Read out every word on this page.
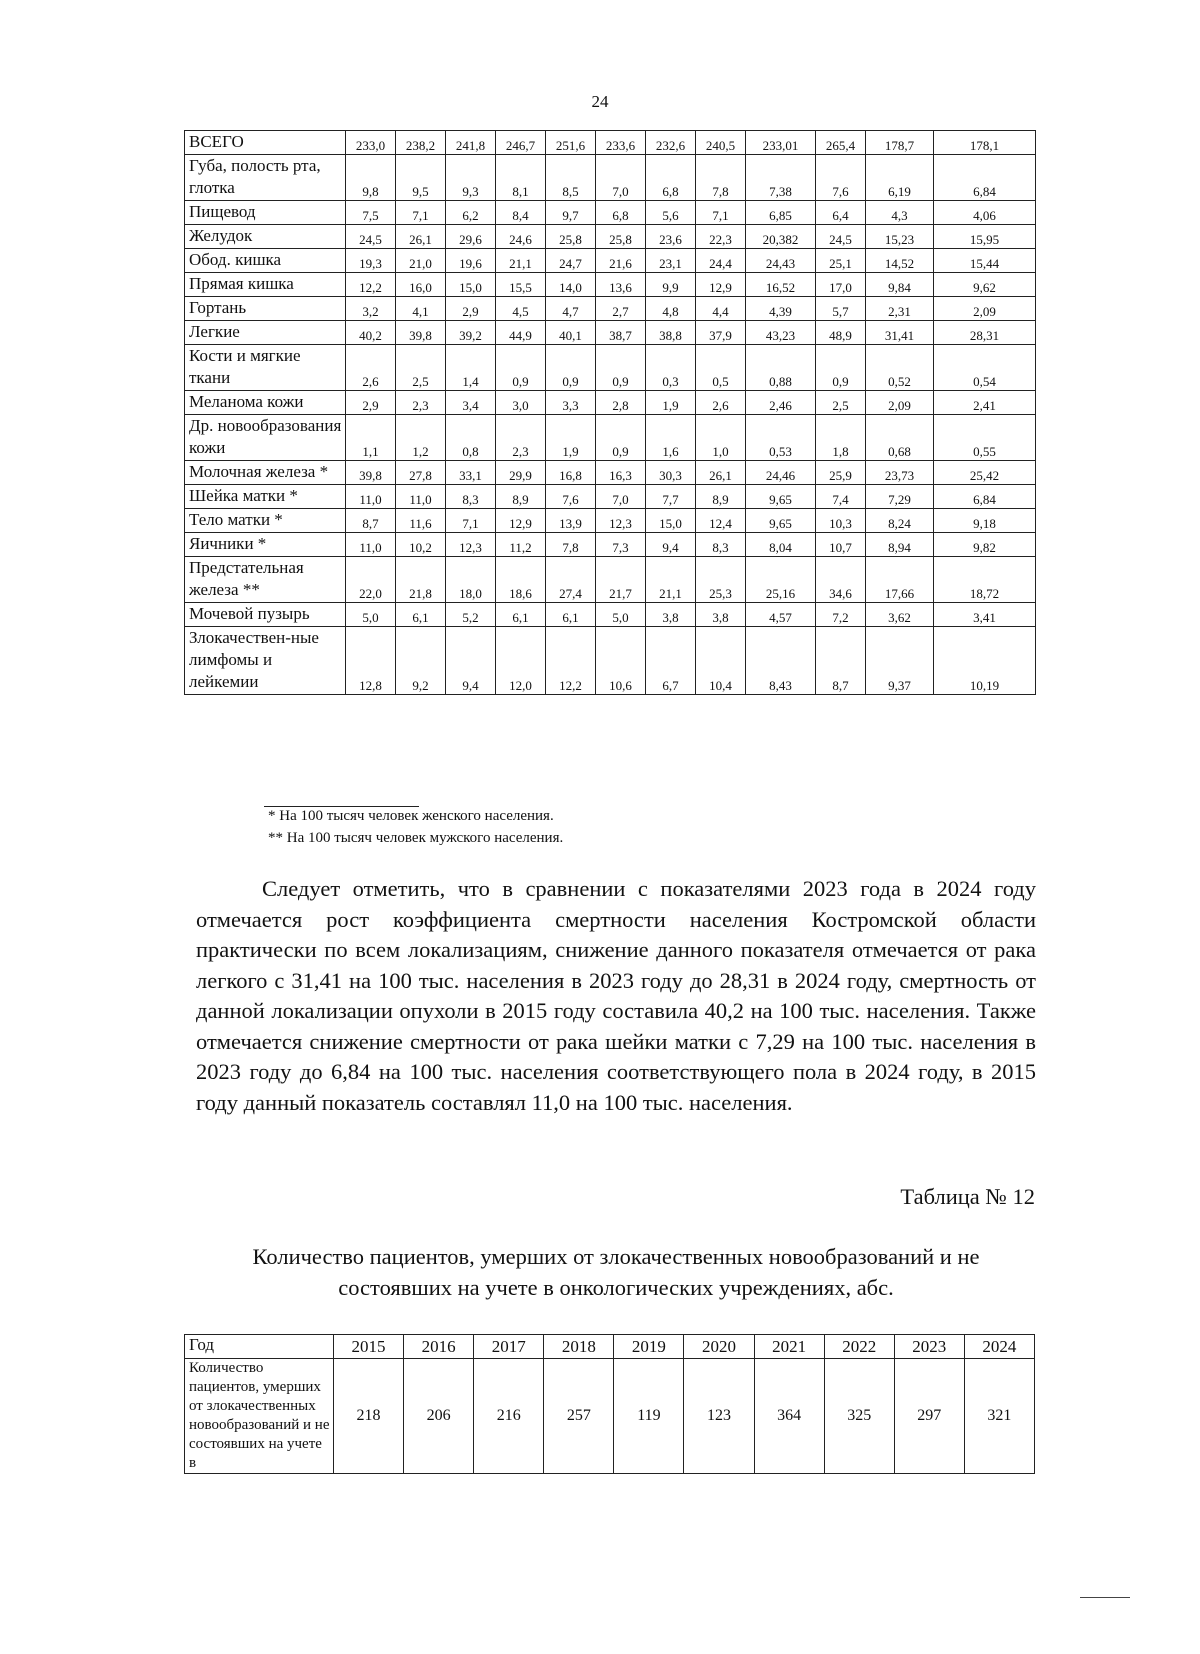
24
ВСЕГО	233,0	238,2	241,8	246,7	251,6	233,6	232,6	240,5	233,01	265,4	178,7	178,1
Губа, полость рта, глотка	9,8	9,5	9,3	8,1	8,5	7,0	6,8	7,8	7,38	7,6	6,19	6,84
Пищевод	7,5	7,1	6,2	8,4	9,7	6,8	5,6	7,1	6,85	6,4	4,3	4,06
Желудок	24,5	26,1	29,6	24,6	25,8	25,8	23,6	22,3	20,382	24,5	15,23	15,95
Обод. кишка	19,3	21,0	19,6	21,1	24,7	21,6	23,1	24,4	24,43	25,1	14,52	15,44
Прямая кишка	12,2	16,0	15,0	15,5	14,0	13,6	9,9	12,9	16,52	17,0	9,84	9,62
Гортань	3,2	4,1	2,9	4,5	4,7	2,7	4,8	4,4	4,39	5,7	2,31	2,09
Легкие	40,2	39,8	39,2	44,9	40,1	38,7	38,8	37,9	43,23	48,9	31,41	28,31
Кости и мягкие ткани	2,6	2,5	1,4	0,9	0,9	0,9	0,3	0,5	0,88	0,9	0,52	0,54
Меланома кожи	2,9	2,3	3,4	3,0	3,3	2,8	1,9	2,6	2,46	2,5	2,09	2,41
Др. новообразования кожи	1,1	1,2	0,8	2,3	1,9	0,9	1,6	1,0	0,53	1,8	0,68	0,55
Молочная железа *	39,8	27,8	33,1	29,9	16,8	16,3	30,3	26,1	24,46	25,9	23,73	25,42
Шейка матки *	11,0	11,0	8,3	8,9	7,6	7,0	7,7	8,9	9,65	7,4	7,29	6,84
Тело матки *	8,7	11,6	7,1	12,9	13,9	12,3	15,0	12,4	9,65	10,3	8,24	9,18
Яичники *	11,0	10,2	12,3	11,2	7,8	7,3	9,4	8,3	8,04	10,7	8,94	9,82
Предстательная железа **	22,0	21,8	18,0	18,6	27,4	21,7	21,1	25,3	25,16	34,6	17,66	18,72
Мочевой пузырь	5,0	6,1	5,2	6,1	6,1	5,0	3,8	3,8	4,57	7,2	3,62	3,41
Злокачествен-ные лимфомы и лейкемии	12,8	9,2	9,4	12,0	12,2	10,6	6,7	10,4	8,43	8,7	9,37	10,19
* На 100 тысяч человек женского населения.
** На 100 тысяч человек мужского населения.
Следует отметить, что в сравнении с показателями 2023 года в 2024 году отмечается рост коэффициента смертности населения Костромской области практически по всем локализациям, снижение данного показателя отмечается от рака легкого с 31,41 на 100 тыс. населения в 2023 году до 28,31 в 2024 году, смертность от данной локализации опухоли в 2015 году составила 40,2 на 100 тыс. населения. Также отмечается снижение смертности от рака шейки матки с 7,29 на 100 тыс. населения в 2023 году до 6,84 на 100 тыс. населения соответствующего пола в 2024 году, в 2015 году данный показатель составлял 11,0 на 100 тыс. населения.
Таблица № 12
Количество пациентов, умерших от злокачественных новообразований и не состоявших на учете в онкологических учреждениях, абс.
Год	2015	2016	2017	2018	2019	2020	2021	2022	2023	2024
Количество пациентов, умерших от злокачественных новообразований и не состоявших на учете в	218	206	216	257	119	123	364	325	297	321
